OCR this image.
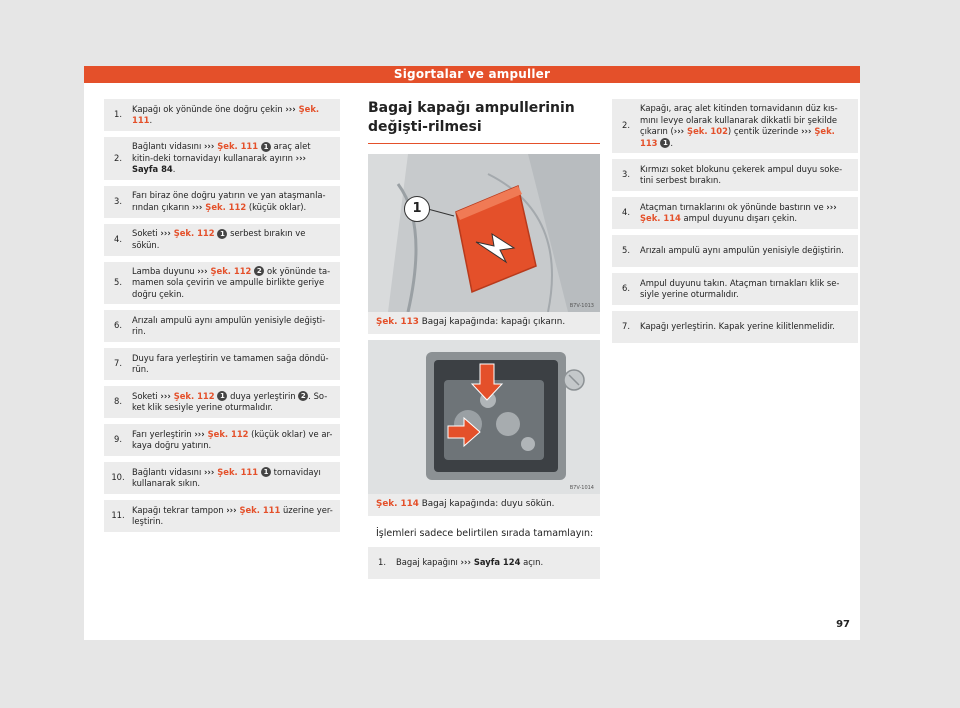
Sigortalar ve ampuller
1.
Kapağı ok yönünde öne doğru çekin ››› Şek. 111.
2.
Bağlantı vidasını ››› Şek. 111 1 araç alet kitin-deki tornavidayı kullanarak ayırın ››› Sayfa 84.
3.
Farı biraz öne doğru yatırın ve yan ataşmanla-rından çıkarın ››› Şek. 112 (küçük oklar).
4.
Soketi ››› Şek. 112 1 serbest bırakın ve sökün.
5.
Lamba duyunu ››› Şek. 112 2 ok yönünde ta-mamen sola çevirin ve ampulle birlikte geriye doğru çekin.
6.
Arızalı ampulü aynı ampulün yenisiyle değişti-rin.
7.
Duyu fara yerleştirin ve tamamen sağa döndü-rün.
8.
Soketi ››› Şek. 112 1 duya yerleştirin 2 . So-ket klik sesiyle yerine oturmalıdır.
9.
Farı yerleştirin ››› Şek. 112 (küçük oklar) ve ar-kaya doğru yatırın.
10.
Bağlantı vidasını ››› Şek. 111 1 tornavidayı kullanarak sıkın.
11.
Kapağı tekrar tampon ››› Şek. 111 üzerine yer-leştirin.
Bagaj kapağı ampullerinin değişti-rilmesi
1
B7V-1013
Şek. 113 Bagaj kapağında: kapağı çıkarın.
B7V-1014
Şek. 114 Bagaj kapağında: duyu sökün.
İşlemleri sadece belirtilen sırada tamamlayın:
1.	Bagaj kapağını ››› Sayfa 124 açın.
2.
Kapağı, araç alet kitinden tornavidanın düz kıs-mını levye olarak kullanarak dikkatli bir şekilde çıkarın (››› Şek. 102) çentik üzerinde ››› Şek. 113 1 .
3.
Kırmızı soket blokunu çekerek ampul duyu soke-tini serbest bırakın.
4.
Ataçman tırnaklarını ok yönünde bastırın ve ››› Şek. 114 ampul duyunu dışarı çekin.
5.	Arızalı ampulü aynı ampulün yenisiyle değiştirin.
6.
Ampul duyunu takın. Ataçman tırnakları klik se-siyle yerine oturmalıdır.
7.	Kapağı yerleştirin. Kapak yerine kilitlenmelidir.
97
